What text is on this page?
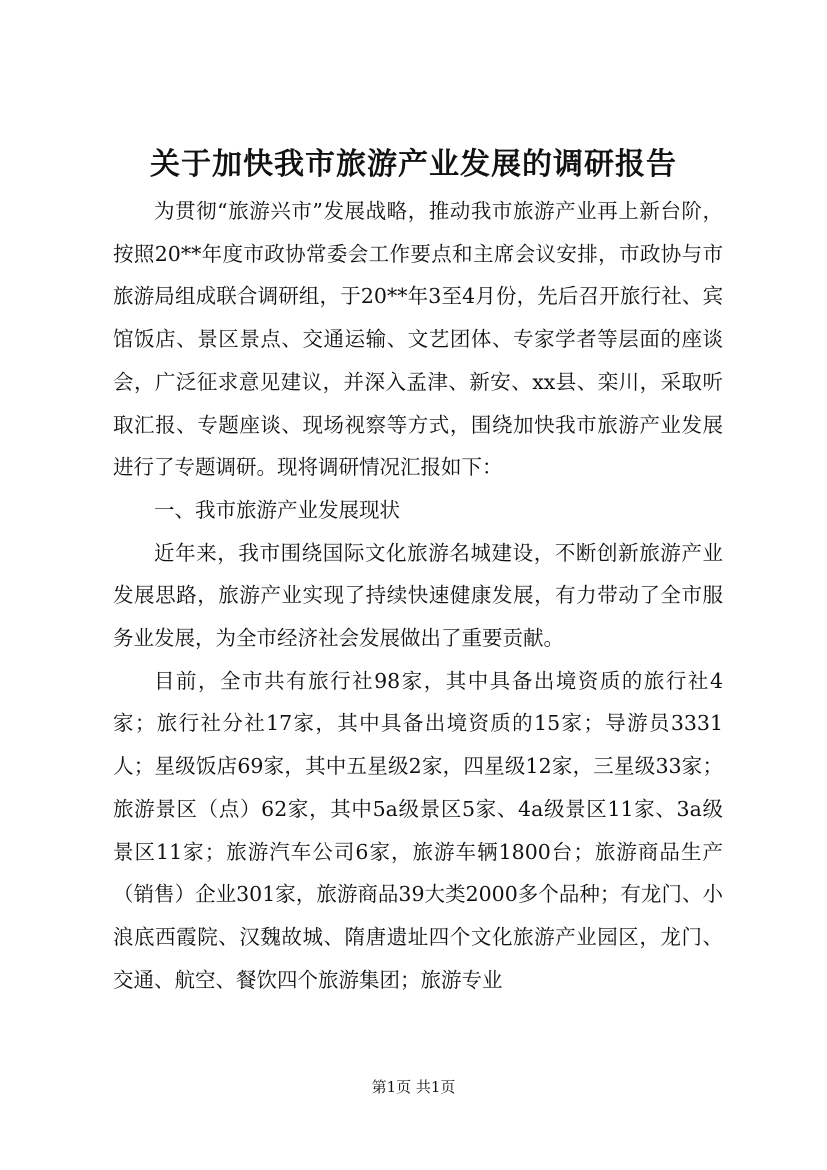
关于加快我市旅游产业发展的调研报告

为贯彻“旅游兴市”发展战略，推动我市旅游产业再上新台阶，按照20**年度市政协常委会工作要点和主席会议安排，市政协与市旅游局组成联合调研组，于20**年3至4月份，先后召开旅行社、宾馆饭店、景区景点、交通运输、文艺团体、专家学者等层面的座谈会，广泛征求意见建议，并深入孟津、新安、xx县、栾川，采取听取汇报、专题座谈、现场视察等方式，围绕加快我市旅游产业发展进行了专题调研。现将调研情况汇报如下：

一、我市旅游产业发展现状

近年来，我市围绕国际文化旅游名城建设，不断创新旅游产业发展思路，旅游产业实现了持续快速健康发展，有力带动了全市服务业发展，为全市经济社会发展做出了重要贡献。

目前，全市共有旅行社98家，其中具备出境资质的旅行社4家；旅行社分社17家，其中具备出境资质的15家；导游员3331人；星级饭店69家，其中五星级2家，四星级12家，三星级33家；旅游景区（点）62家，其中5a级景区5家、4a级景区11家、3a级景区11家；旅游汽车公司6家，旅游车辆1800台；旅游商品生产（销售）企业301家，旅游商品39大类2000多个品种；有龙门、小浪底西霞院、汉魏故城、隋唐遗址四个文化旅游产业园区，龙门、交通、航空、餐饮四个旅游集团；旅游专业

第1页 共1页
